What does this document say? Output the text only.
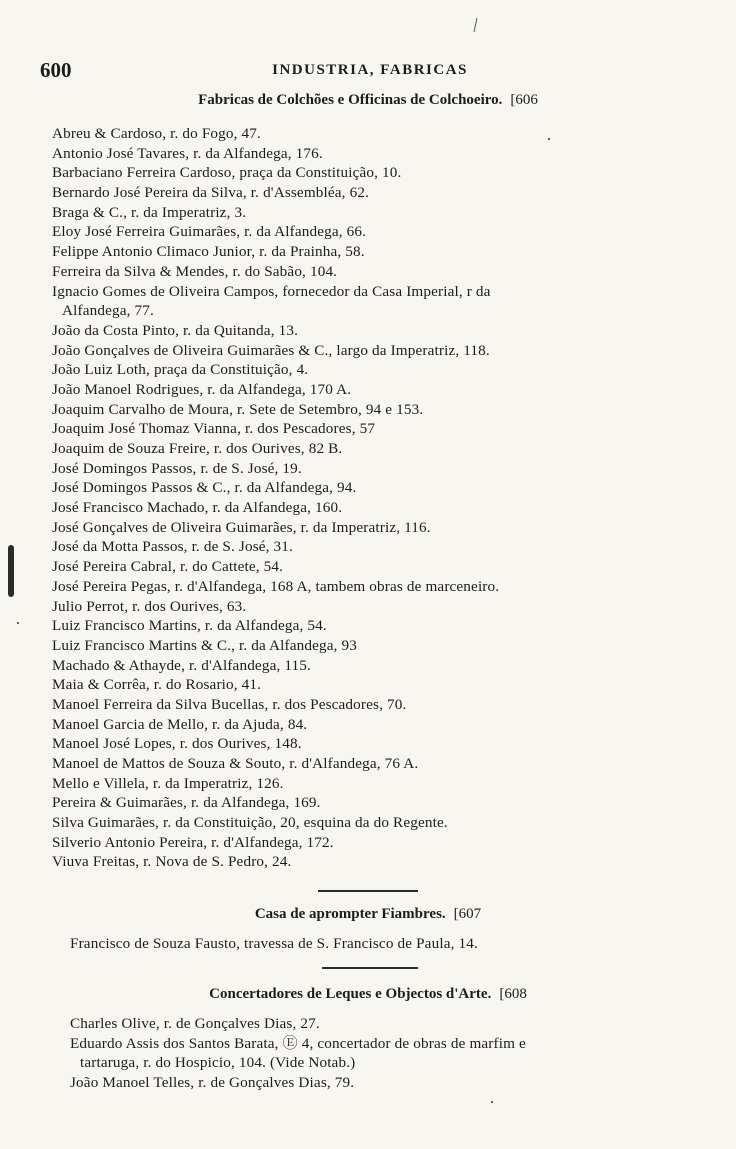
600	INDUSTRIA, FABRICAS
Fabricas de Colchões e Officinas de Colchoeiro. [606
Abreu & Cardoso, r. do Fogo, 47.
Antonio José Tavares, r. da Alfandega, 176.
Barbaciano Ferreira Cardoso, praça da Constituição, 10.
Bernardo José Pereira da Silva, r. d'Assembléa, 62.
Braga & C., r. da Imperatriz, 3.
Eloy José Ferreira Guimarães, r. da Alfandega, 66.
Felippe Antonio Climaco Junior, r. da Prainha, 58.
Ferreira da Silva & Mendes, r. do Sabão, 104.
Ignacio Gomes de Oliveira Campos, fornecedor da Casa Imperial, r da
Alfandega, 77.
João da Costa Pinto, r. da Quitanda, 13.
João Gonçalves de Oliveira Guimarães & C., largo da Imperatriz, 118.
João Luiz Loth, praça da Constituição, 4.
João Manoel Rodrigues, r. da Alfandega, 170 A.
Joaquim Carvalho de Moura, r. Sete de Setembro, 94 e 153.
Joaquim José Thomaz Vianna, r. dos Pescadores, 57
Joaquim de Souza Freire, r. dos Ourives, 82 B.
José Domingos Passos, r. de S. José, 19.
José Domingos Passos & C., r. da Alfandega, 94.
José Francisco Machado, r. da Alfandega, 160.
José Gonçalves de Oliveira Guimarães, r. da Imperatriz, 116.
José da Motta Passos, r. de S. José, 31.
José Pereira Cabral, r. do Cattete, 54.
José Pereira Pegas, r. d'Alfandega, 168 A, tambem obras de marceneiro.
Julio Perrot, r. dos Ourives, 63.
Luiz Francisco Martins, r. da Alfandega, 54.
Luiz Francisco Martins & C., r. da Alfandega, 93
Machado & Athayde, r. d'Alfandega, 115.
Maia & Corrêa, r. do Rosario, 41.
Manoel Ferreira da Silva Bucellas, r. dos Pescadores, 70.
Manoel Garcia de Mello, r. da Ajuda, 84.
Manoel José Lopes, r. dos Ourives, 148.
Manoel de Mattos de Souza & Souto, r. d'Alfandega, 76 A.
Mello e Villela, r. da Imperatriz, 126.
Pereira & Guimarães, r. da Alfandega, 169.
Silva Guimarães, r. da Constituição, 20, esquina da do Regente.
Silverio Antonio Pereira, r. d'Alfandega, 172.
Viuva Freitas, r. Nova de S. Pedro, 24.
Casa de aprompter Fiambres. [607
Francisco de Souza Fausto, travessa de S. Francisco de Paula, 14.
Concertadores de Leques e Objectos d'Arte. [608
Charles Olive, r. de Gonçalves Dias, 27.
Eduardo Assis dos Santos Barata, Ⓔ 4, concertador de obras de marfim e
tartaruga, r. do Hospicio, 104. (Vide Notab.)
João Manoel Telles, r. de Gonçalves Dias, 79.
